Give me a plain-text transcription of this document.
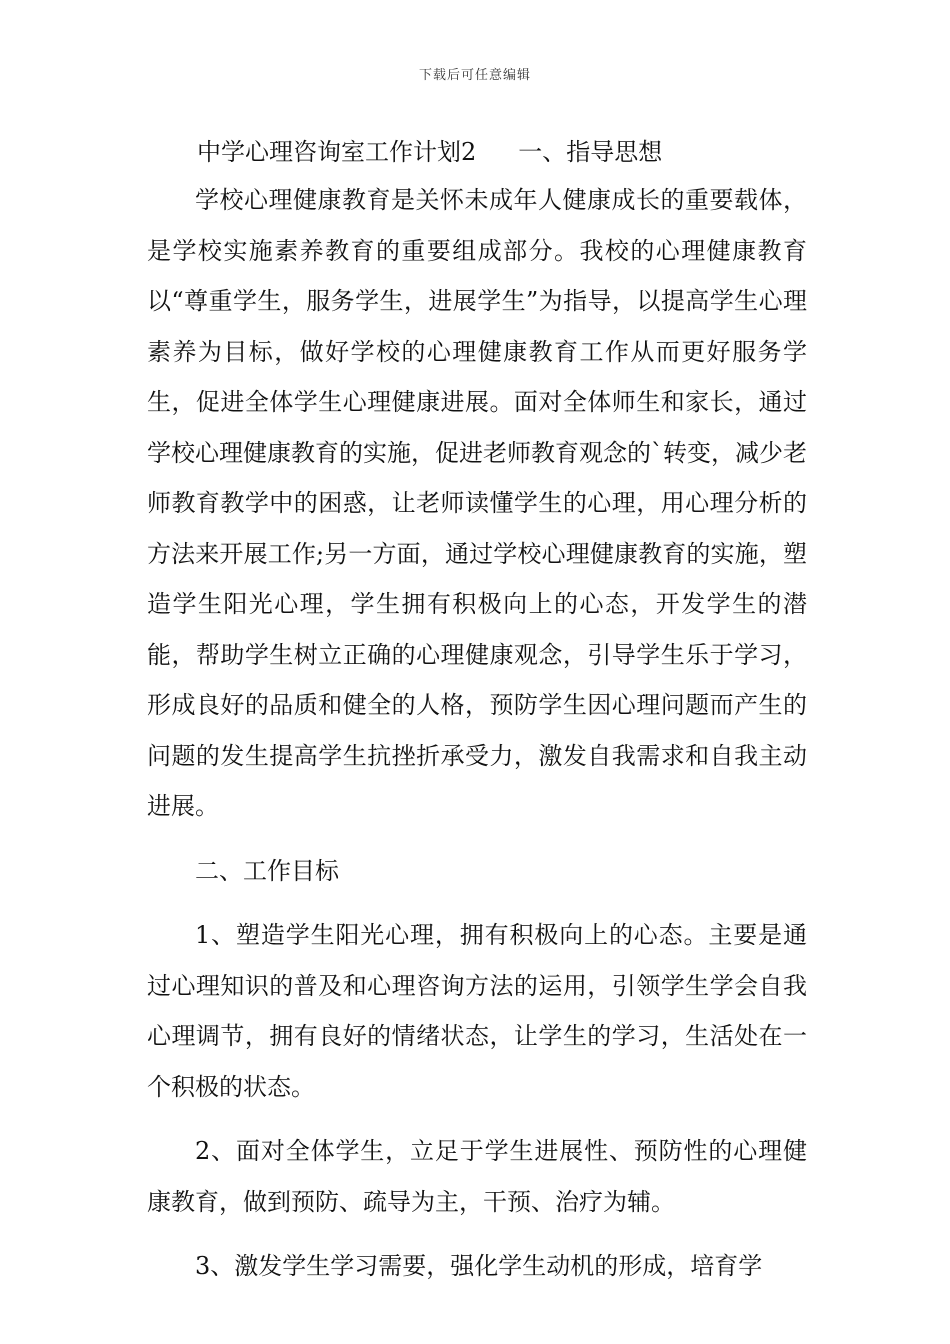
下载后可任意编辑
中学心理咨询室工作计划2 一、指导思想

学校心理健康教育是关怀未成年人健康成长的重要载体，是学校实施素养教育的重要组成部分。我校的心理健康教育以“尊重学生，服务学生，进展学生”为指导，以提高学生心理素养为目标，做好学校的心理健康教育工作从而更好服务学生，促进全体学生心理健康进展。面对全体师生和家长，通过学校心理健康教育的实施，促进老师教育观念的`转变，减少老师教育教学中的困惑，让老师读懂学生的心理，用心理分析的方法来开展工作;另一方面，通过学校心理健康教育的实施，塑造学生阳光心理，学生拥有积极向上的心态，开发学生的潜能，帮助学生树立正确的心理健康观念，引导学生乐于学习，形成良好的品质和健全的人格，预防学生因心理问题而产生的问题的发生提高学生抗挫折承受力，激发自我需求和自我主动进展。

二、工作目标

1、塑造学生阳光心理，拥有积极向上的心态。主要是通过心理知识的普及和心理咨询方法的运用，引领学生学会自我心理调节，拥有良好的情绪状态，让学生的学习，生活处在一个积极的状态。

2、面对全体学生，立足于学生进展性、预防性的心理健康教育，做到预防、疏导为主，干预、治疗为辅。

3、激发学生学习需要，强化学生动机的形成，培育学
